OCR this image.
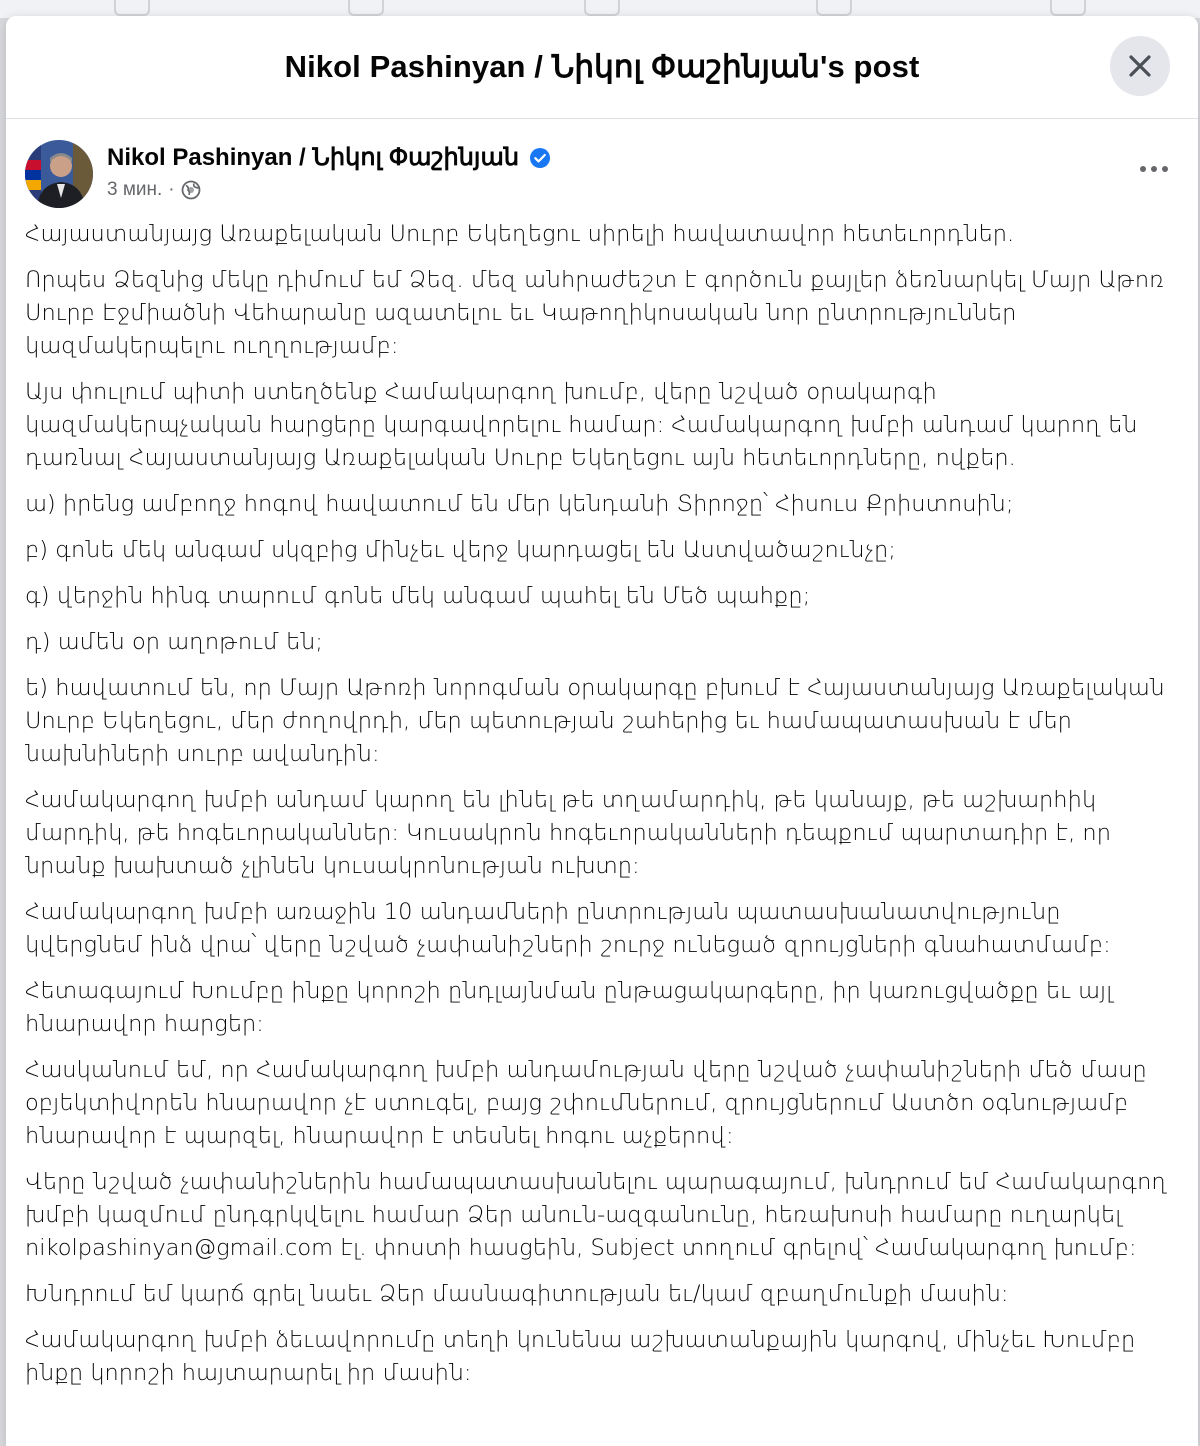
Nikol Pashinyan / Նիկոլ Փաշինյան's post
Nikol Pashinyan / Նիկոլ Փաշինյան
3 мин. ·

Հայաստանյայց Առաքելական Սուրբ Եկեղեցու սիրելի հավատավոր հետեւորդներ.

Որպես Ձեզնից մեկը դիմում եմ Ձեզ. մեզ անհրաժեշտ է գործուն քայլեր ձեռնարկել Մայր Աթոռ Սուրբ Էջմիածնի Վեհարանը ազատելու եւ Կաթողիկոսական նոր ընտրություններ կազմակերպելու ուղղությամբ:

Այս փուլում պիտի ստեղծենք Համակարգող խումբ, վերը նշված օրակարգի կազմակերպչական հարցերը կարգավորելու համար: Համակարգող խմբի անդամ կարող են դառնալ Հայաստանյայց Առաքելական Սուրբ Եկեղեցու այն հետեւորդները, ովքեր.

ա) իրենց ամբողջ հոգով հավատում են մեր կենդանի Տիրոջը՝ Հիսուս Քրիստոսին;

բ) գոնե մեկ անգամ սկզբից մինչեւ վերջ կարդացել են Աստվածաշունչը;

գ) վերջին հինգ տարում գոնե մեկ անգամ պահել են Մեծ պահքը;

դ) ամեն օր աղոթում են;

ե) հավատում են, որ Մայր Աթոռի նորոգման օրակարգը բխում է Հայաստանյայց Առաքելական Սուրբ Եկեղեցու, մեր ժողովրդի, մեր պետության շահերից եւ համապատասխան է մեր նախնիների սուրբ ավանդին:

Համակարգող խմբի անդամ կարող են լինել թե տղամարդիկ, թե կանայք, թե աշխարհիկ մարդիկ, թե հոգեւորականներ: Կուսակրոն հոգեւորականների դեպքում պարտադիր է, որ նրանք խախտած չլինեն կուսակրոնության ուխտը:

Համակարգող խմբի առաջին 10 անդամների ընտրության պատասխանատվությունը կվերցնեմ ինձ վրա՝ վերը նշված չափանիշների շուրջ ունեցած զրույցների գնահատմամբ:

Հետագայում Խումբը ինքը կորոշի ընդլայնման ընթացակարգերը, իր կառուցվածքը եւ այլ հնարավոր հարցեր:

Հասկանում եմ, որ Համակարգող խմբի անդամության վերը նշված չափանիշների մեծ մասը օբյեկտիվորեն հնարավոր չէ ստուգել, բայց շփումներում, զրույցներում Աստծո օգնությամբ հնարավոր է պարզել, հնարավոր է տեսնել հոգու աչքերով:

Վերը նշված չափանիշներին համապատասխանելու պարագայում, խնդրում եմ Համակարգող խմբի կազմում ընդգրկվելու համար Ձեր անուն-ազգանունը, հեռախոսի համարը ուղարկել nikolpashinyan@gmail.com էլ. փոստի հասցեին, Subject տողում գրելով՝ Համակարգող խումբ:

Խնդրում եմ կարճ գրել նաեւ Ձեր մասնագիտության եւ/կամ զբաղմունքի մասին:

Համակարգող խմբի ձեւավորումը տեղի կունենա աշխատանքային կարգով, մինչեւ Խումբը ինքը կորոշի հայտարարել իր մասին:
